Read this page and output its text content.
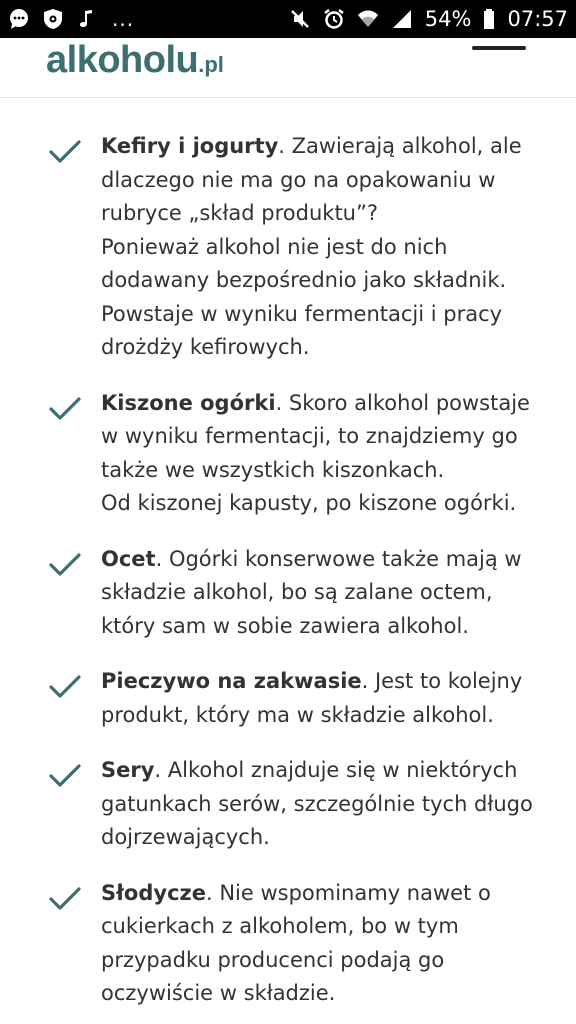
...	54% 07:57
alkoholu.pl

Kefiry i jogurty. Zawierają alkohol, ale dlaczego nie ma go na opakowaniu w rubryce „skład produktu”?
Ponieważ alkohol nie jest do nich dodawany bezpośrednio jako składnik. Powstaje w wyniku fermentacji i pracy drożdży kefirowych.

Kiszone ogórki. Skoro alkohol powstaje w wyniku fermentacji, to znajdziemy go także we wszystkich kiszonkach.
Od kiszonej kapusty, po kiszone ogórki.

Ocet. Ogórki konserwowe także mają w składzie alkohol, bo są zalane octem, który sam w sobie zawiera alkohol.

Pieczywo na zakwasie. Jest to kolejny produkt, który ma w składzie alkohol.

Sery. Alkohol znajduje się w niektórych gatunkach serów, szczególnie tych długo dojrzewających.

Słodycze. Nie wspominamy nawet o cukierkach z alkoholem, bo w tym przypadku producenci podają go oczywiście w składzie.
